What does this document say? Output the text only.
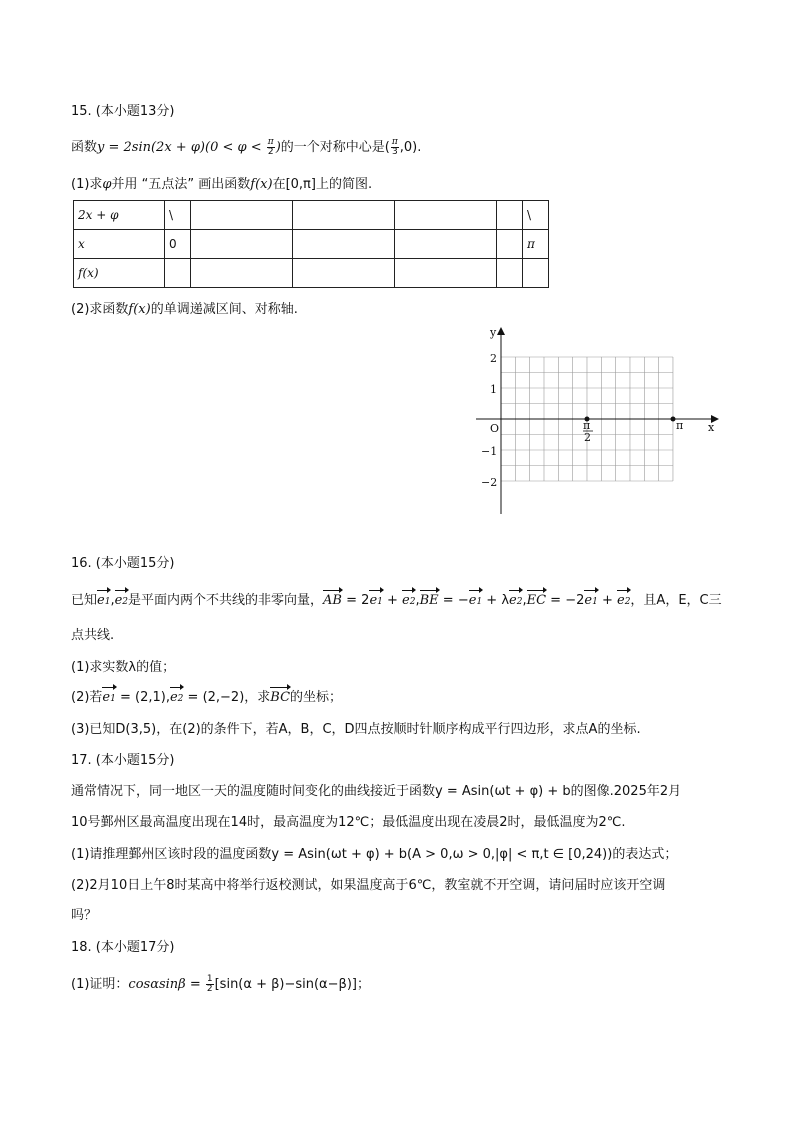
15. (本小题13分)
函数$y = 2\sin(2x + \varphi)(0 < \varphi < \frac{\pi}{2}$ )的一个对称中心是( $\frac{\pi}{3} ,0$).
(1)求φ并用 “五点法” 画出函数f(x)在[0,π]上的简图.
2x + φ	\					\
x	0					π
f(x)						
(2)求函数f(x)的单调递减区间、对称轴.
y
x
O
2
1
−1
−2
π
2
π
16. (本小题15分)
已知e1,e2是平面内两个不共线的非零向量，AB = 2e1 + e2,BE = −e1 + λe2,EC = −2e1 + e2，且A，E，C三
点共线.
(1)求实数λ的值；
(2)若e1 = (2,1),e2 = (2,−2)，求BC的坐标；
(3)已知D(3,5)，在(2)的条件下，若A，B，C，D四点按顺时针顺序构成平行四边形，求点A的坐标.
17. (本小题15分)
通常情况下，同一地区一天的温度随时间变化的曲线接近于函数y = Asin(ωt + φ) + b的图像.2025年2月
10号鄞州区最高温度出现在14时，最高温度为12℃；最低温度出现在凌晨2时，最低温度为2℃.
(1)请推理鄞州区该时段的温度函数y = Asin(ωt + φ) + b(A > 0,ω > 0,|φ| < π,t ∈ [0,24))的表达式；
(2)2月10日上午8时某高中将举行返校测试，如果温度高于6℃，教室就不开空调，请问届时应该开空调
吗？
18. (本小题17分)
(1)证明：$\cos\alpha\sin\beta = \frac{1}{2} [\sin(\alpha + \beta)-\sin(\alpha-\beta)]$；
